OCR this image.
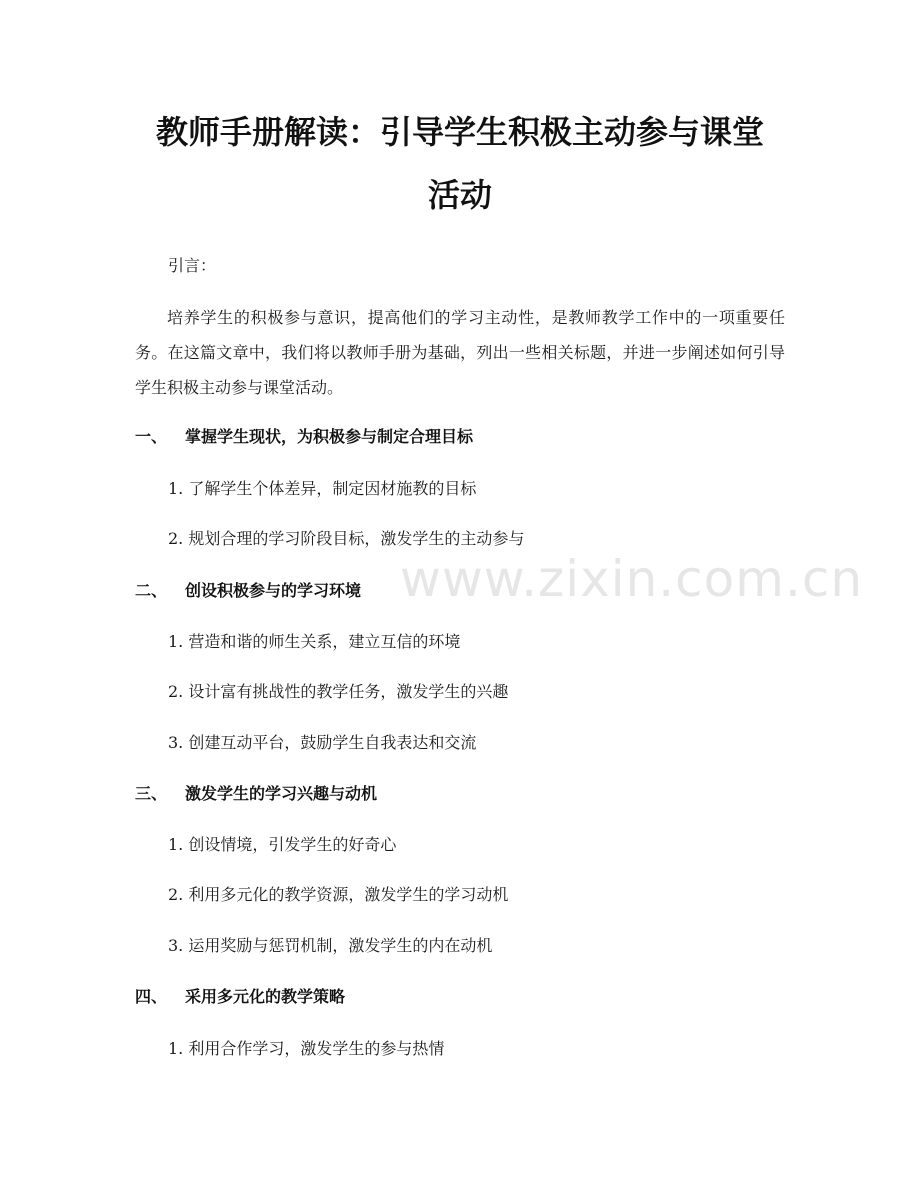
教师手册解读：引导学生积极主动参与课堂
活动

引言：

培养学生的积极参与意识，提高他们的学习主动性，是教师教学工作中的一项重要任务。在这篇文章中，我们将以教师手册为基础，列出一些相关标题，并进一步阐述如何引导学生积极主动参与课堂活动。

一、 掌握学生现状，为积极参与制定合理目标

1. 了解学生个体差异，制定因材施教的目标

2. 规划合理的学习阶段目标，激发学生的主动参与

二、 创设积极参与的学习环境

1. 营造和谐的师生关系，建立互信的环境

2. 设计富有挑战性的教学任务，激发学生的兴趣

3. 创建互动平台，鼓励学生自我表达和交流

三、 激发学生的学习兴趣与动机

1. 创设情境，引发学生的好奇心

2. 利用多元化的教学资源，激发学生的学习动机

3. 运用奖励与惩罚机制，激发学生的内在动机

四、 采用多元化的教学策略

1. 利用合作学习，激发学生的参与热情

www.zixin.com.cn
